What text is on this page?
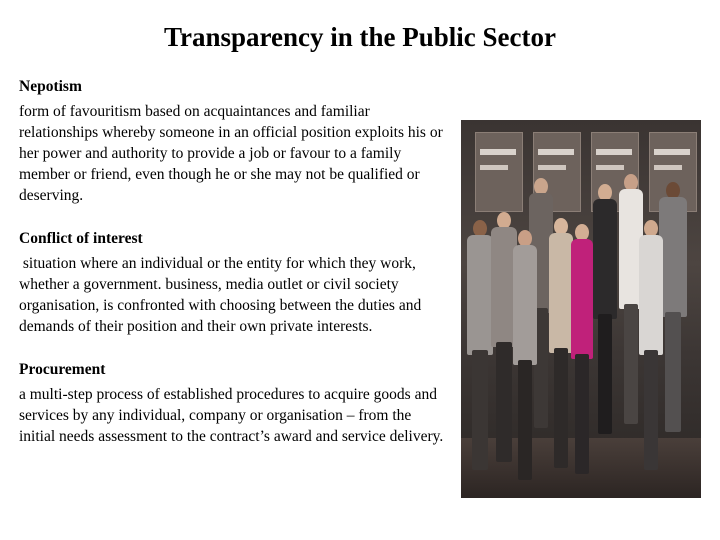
Transparency in the Public Sector
Nepotism
form of favouritism based on acquaintances and familiar relationships whereby someone in an official position exploits his or her power and authority to provide a job or favour to a family member or friend, even though he or she may not be qualified or deserving.
Conflict of interest
situation where an individual or the entity for which they work, whether a government. business, media outlet or civil society organisation, is confronted with choosing between the duties and demands of their position and their own private interests.
Procurement
a multi-step process of established procedures to acquire goods and services by any individual, company or organisation – from the initial needs assessment to the contract’s award and service delivery.
